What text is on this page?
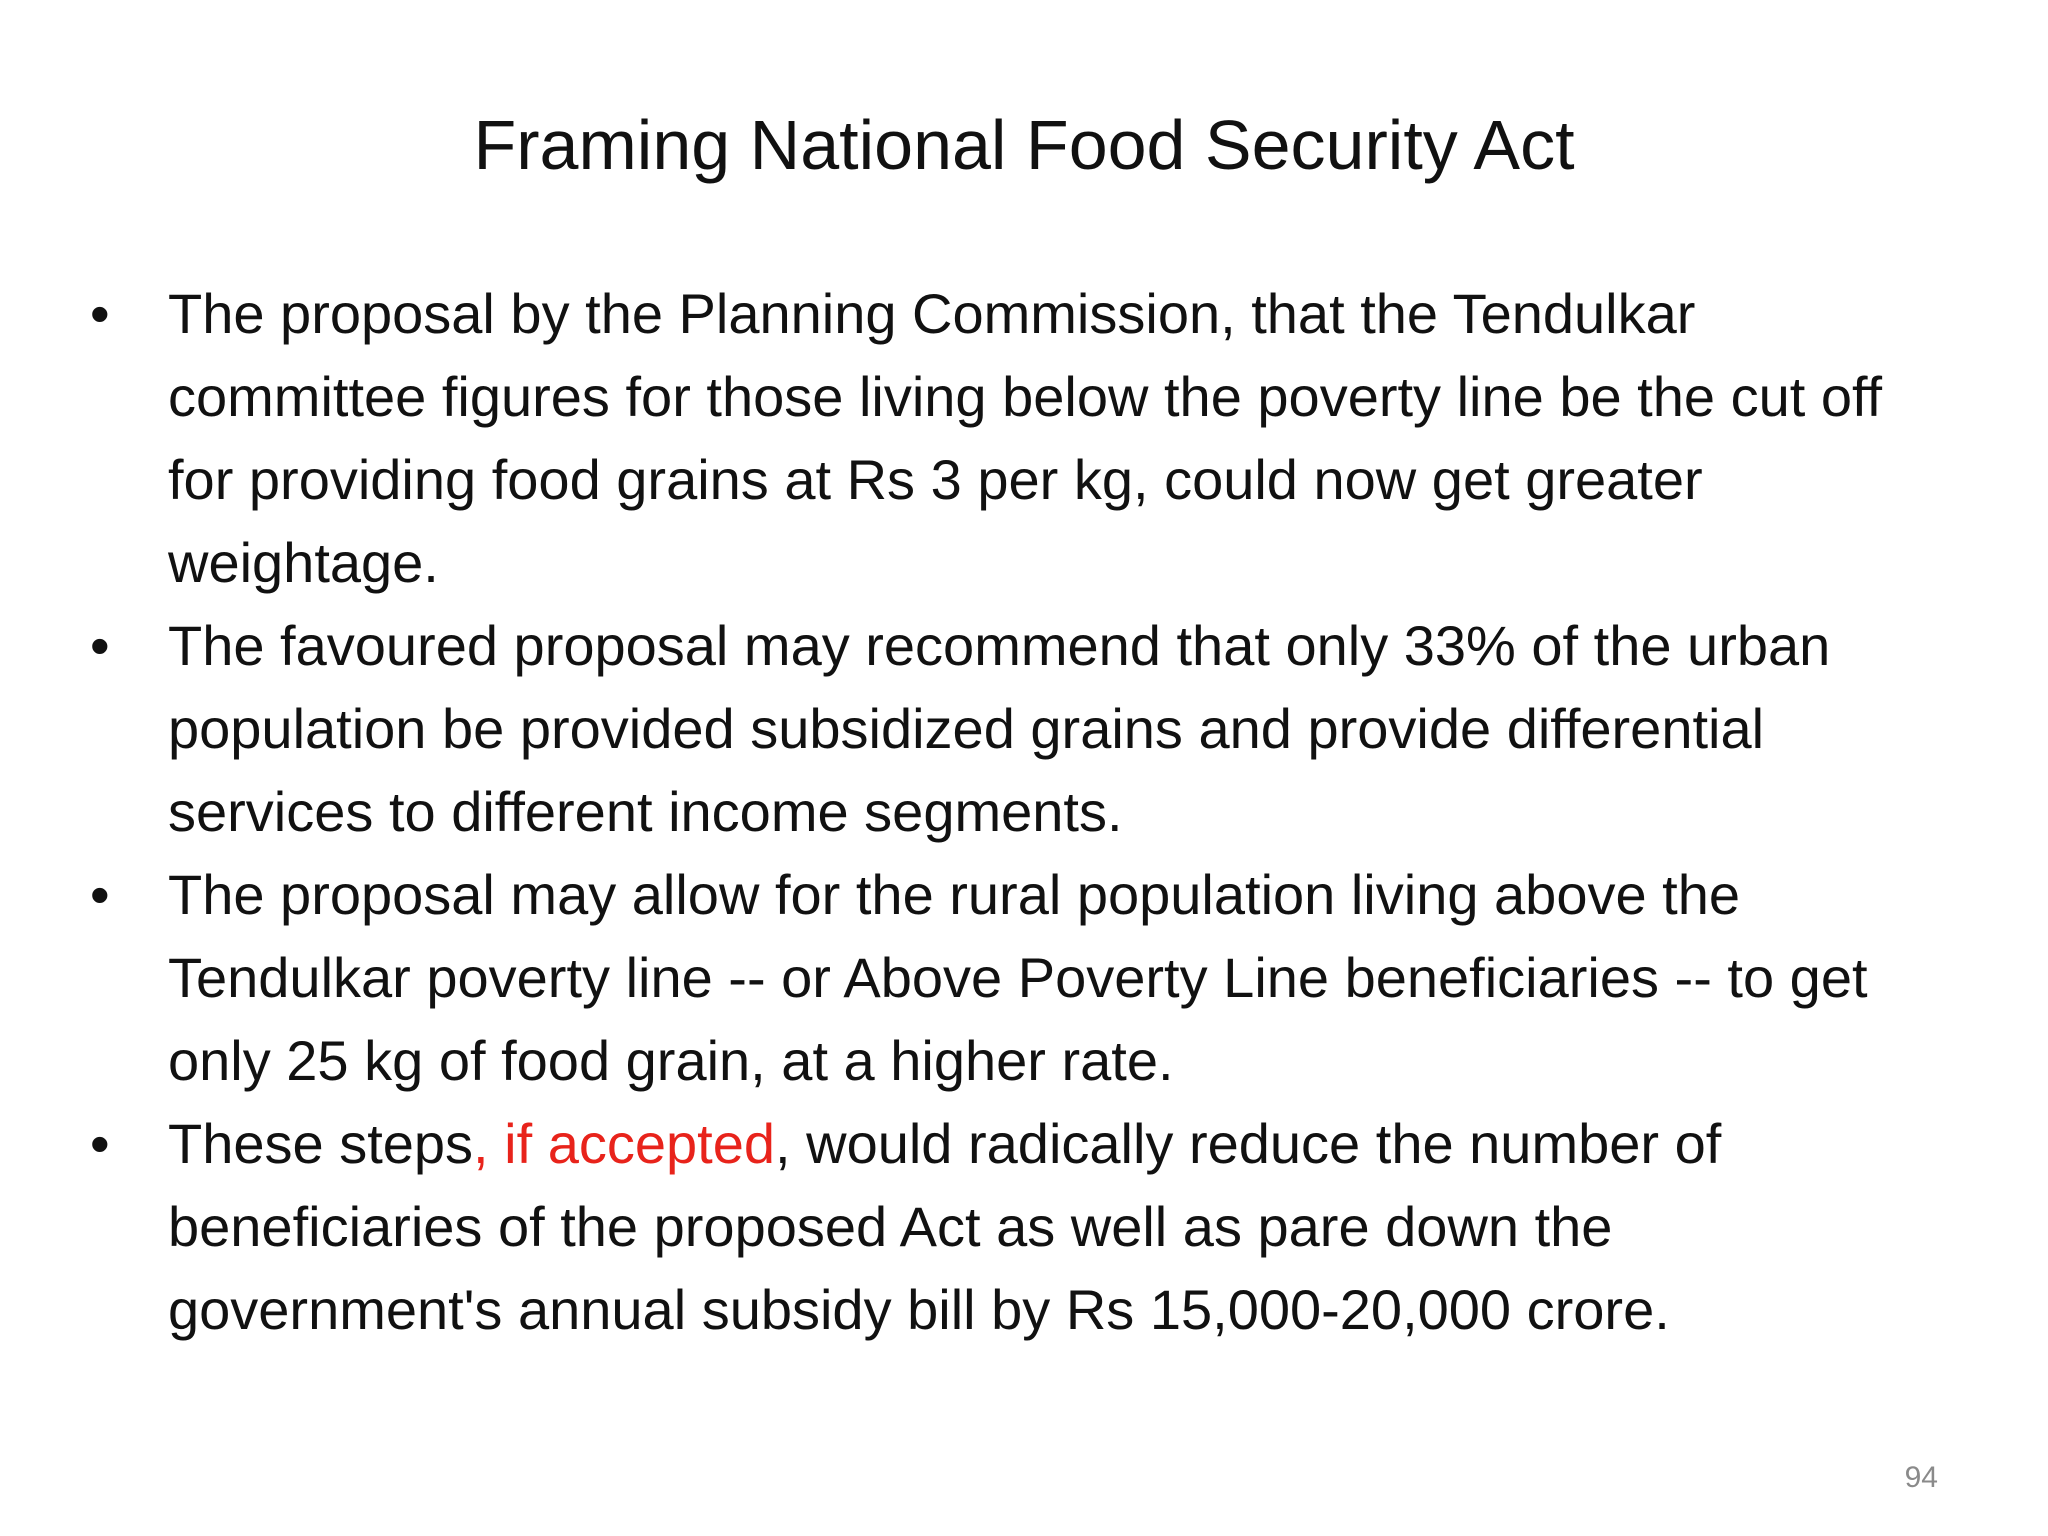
Framing National Food Security Act
•	The proposal by the Planning Commission, that the Tendulkar committee figures for those living below the poverty line be the cut off for providing food grains at Rs 3 per kg, could now get greater weightage.
•	The favoured proposal may recommend that only 33% of the urban population be provided subsidized grains and provide differential services to different income segments.
•	The proposal may allow for the rural population living above the Tendulkar poverty line -- or Above Poverty Line beneficiaries -- to get only 25 kg of food grain, at a higher rate.
•	These steps, if accepted, would radically reduce the number of beneficiaries of the proposed Act as well as pare down the government's annual subsidy bill by Rs 15,000-20,000 crore.
94
